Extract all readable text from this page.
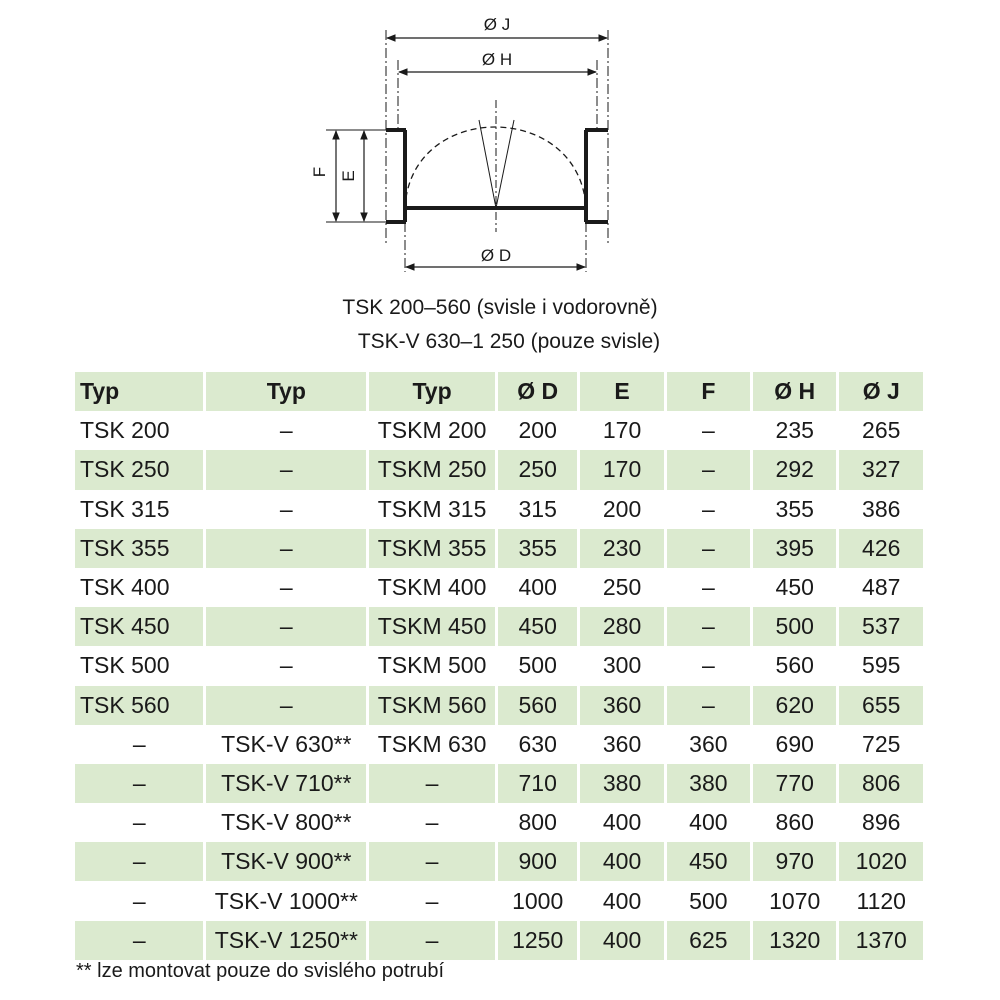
Ø J
Ø H
Ø D
F E
TSK 200–560 (svisle i vodorovně)
TSK-V 630–1 250 (pouze svisle)
Typ	Typ	Typ	Ø D	E	F	Ø H	Ø J
TSK 200	–	TSKM 200	200	170	–	235	265
TSK 250	–	TSKM 250	250	170	–	292	327
TSK 315	–	TSKM 315	315	200	–	355	386
TSK 355	–	TSKM 355	355	230	–	395	426
TSK 400	–	TSKM 400	400	250	–	450	487
TSK 450	–	TSKM 450	450	280	–	500	537
TSK 500	–	TSKM 500	500	300	–	560	595
TSK 560	–	TSKM 560	560	360	–	620	655
–	TSK-V 630**	TSKM 630	630	360	360	690	725
–	TSK-V 710**	–	710	380	380	770	806
–	TSK-V 800**	–	800	400	400	860	896
–	TSK-V 900**	–	900	400	450	970	1020
–	TSK-V 1000**	–	1000	400	500	1070	1120
–	TSK-V 1250**	–	1250	400	625	1320	1370
** lze montovat pouze do svislého potrubí
